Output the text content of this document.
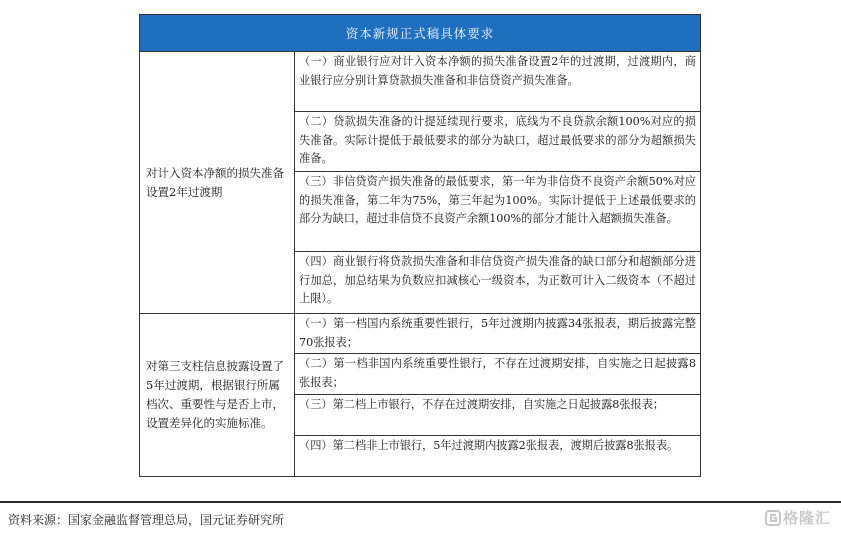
资本新规正式稿具体要求
对计入资本净额的损失准备设置2年过渡期
（一）商业银行应对计入资本净额的损失准备设置2年的过渡期，过渡期内，商业银行应分别计算贷款损失准备和非信贷资产损失准备。
（二）贷款损失准备的计提延续现行要求，底线为不良贷款余额100%对应的损失准备。实际计提低于最低要求的部分为缺口，超过最低要求的部分为超额损失准备。
（三）非信贷资产损失准备的最低要求，第一年为非信贷不良资产余额50%对应的损失准备，第二年为75%，第三年起为100%。实际计提低于上述最低要求的部分为缺口，超过非信贷不良资产余额100%的部分才能计入超额损失准备。
（四）商业银行将贷款损失准备和非信贷资产损失准备的缺口部分和超额部分进行加总，加总结果为负数应扣减核心一级资本，为正数可计入二级资本（不超过上限）。
对第三支柱信息披露设置了5年过渡期，根据银行所属档次、重要性与是否上市，设置差异化的实施标准。
（一）第一档国内系统重要性银行，5年过渡期内披露34张报表，期后披露完整70张报表；
（二）第一档非国内系统重要性银行，不存在过渡期安排，自实施之日起披露8张报表；
（三）第二档上市银行，不存在过渡期安排，自实施之日起披露8张报表；
（四）第二档非上市银行，5年过渡期内披露2张报表，渡期后披露8张报表。
资料来源：国家金融监督管理总局，国元证券研究所	格隆汇
